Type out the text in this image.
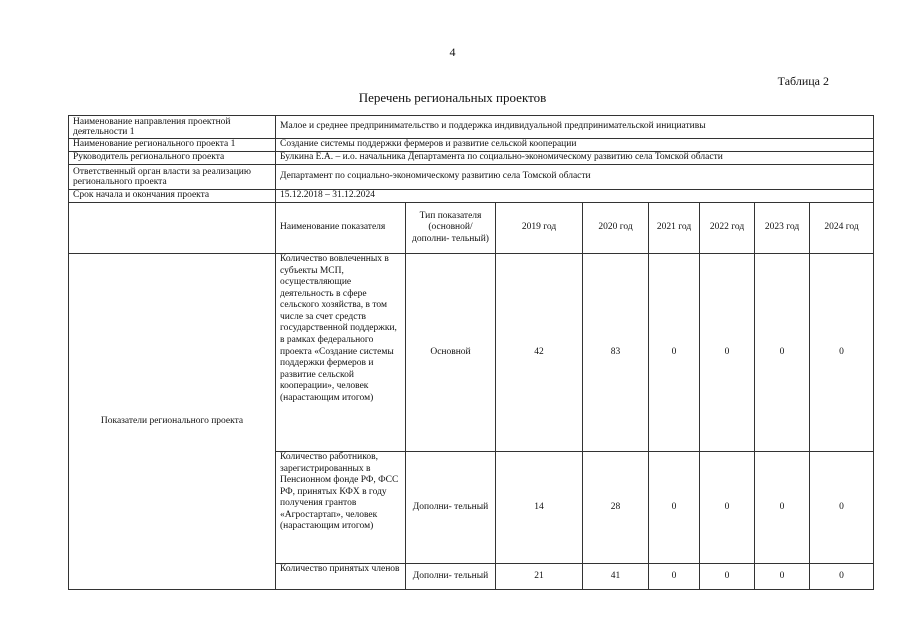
4
Таблица 2
Перечень региональных проектов
Наименование направления проектной деятельности 1	Малое и среднее предпринимательство и поддержка индивидуальной предпринимательской инициативы							
Наименование регионального проекта 1	Создание системы поддержки фермеров и развитие сельской кооперации							
Руководитель регионального проекта	Булкина Е.А. – и.о. начальника Департамента по социально-экономическому развитию села Томской области							
Ответственный орган власти за реализацию регионального проекта	Департамент по социально-экономическому развитию села Томской области							
Срок начала и окончания проекта	15.12.2018 – 31.12.2024							
	Наименование показателя	Тип показателя (основной/ дополни- тельный)	2019 год	2020 год	2021 год	2022 год	2023 год	2024 год
Показатели регионального проекта	Количество вовлеченных в субъекты МСП, осуществляющие деятельность в сфере сельского хозяйства, в том числе за счет средств государственной поддержки, в рамках федерального проекта «Создание системы поддержки фермеров и развитие сельской кооперации», человек (нарастающим итогом)	Основной	42	83	0	0	0	0
	Количество работников, зарегистрированных в Пенсионном фонде РФ, ФСС РФ, принятых КФХ в году получения грантов «Агростартап», человек (нарастающим итогом)	Дополни- тельный	14	28	0	0	0	0
	Количество принятых членов	Дополни- тельный	21	41	0	0	0	0
